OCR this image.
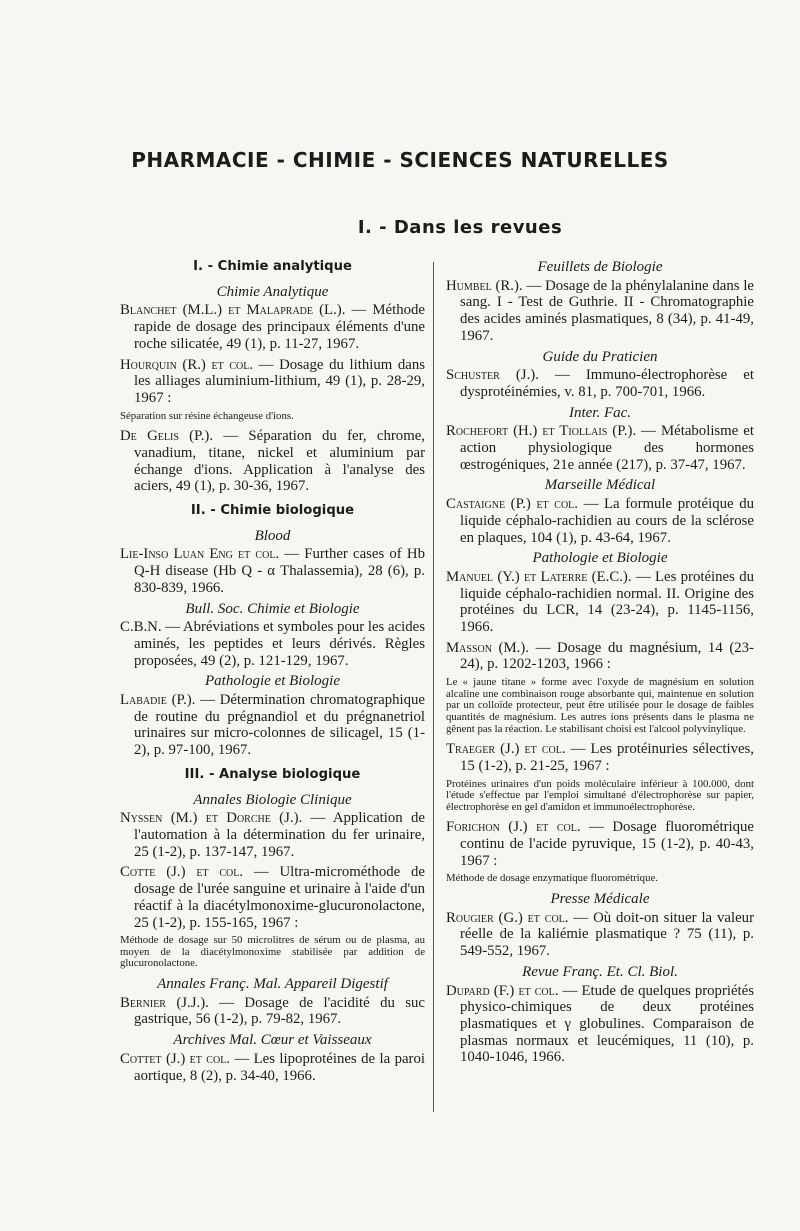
PHARMACIE - CHIMIE - SCIENCES NATURELLES
I. - Dans les revues
I. - Chimie analytique
Chimie Analytique

Blanchet (M.L.) et Malaprade (L.). — Méthode rapide de dosage des principaux éléments d'une roche silicatée, 49 (1), p. 11-27, 1967.

Hourquin (R.) et col. — Dosage du lithium dans les alliages aluminium-lithium, 49 (1), p. 28-29, 1967 :

Séparation sur résine échangeuse d'ions.

De Gelis (P.). — Séparation du fer, chrome, vanadium, titane, nickel et aluminium par échange d'ions. Application à l'analyse des aciers, 49 (1), p. 30-36, 1967.

II. - Chimie biologique
Blood

Lie-Inso Luan Eng et col. — Further cases of Hb Q-H disease (Hb Q - α Thalassemia), 28 (6), p. 830-839, 1966.

Bull. Soc. Chimie et Biologie

C.B.N. — Abréviations et symboles pour les acides aminés, les peptides et leurs dérivés. Règles proposées, 49 (2), p. 121-129, 1967.

Pathologie et Biologie

Labadie (P.). — Détermination chromatographique de routine du prégnandiol et du prégnanetriol urinaires sur micro-colonnes de silicagel, 15 (1-2), p. 97-100, 1967.

III. - Analyse biologique
Annales Biologie Clinique

Nyssen (M.) et Dorche (J.). — Application de l'automation à la détermination du fer urinaire, 25 (1-2), p. 137-147, 1967.

Cotte (J.) et col. — Ultra-microméthode de dosage de l'urée sanguine et urinaire à l'aide d'un réactif à la diacétylmonoxime-glucuronolactone, 25 (1-2), p. 155-165, 1967 :

Méthode de dosage sur 50 microlitres de sérum ou de plasma, au moyen de la diacétylmonoxime stabilisée par addition de glucuronolactone.

Annales Franç. Mal. Appareil Digestif

Bernier (J.J.). — Dosage de l'acidité du suc gastrique, 56 (1-2), p. 79-82, 1967.

Archives Mal. Cœur et Vaisseaux

Cottet (J.) et col. — Les lipoprotéines de la paroi aortique, 8 (2), p. 34-40, 1966.

Feuillets de Biologie

Humbel (R.). — Dosage de la phénylalanine dans le sang. I - Test de Guthrie. II - Chromatographie des acides aminés plasmatiques, 8 (34), p. 41-49, 1967.

Guide du Praticien

Schuster (J.). — Immuno-électrophorèse et dysprotéinémies, v. 81, p. 700-701, 1966.

Inter. Fac.

Rochefort (H.) et Tiollais (P.). — Métabolisme et action physiologique des hormones œstrogéniques, 21e année (217), p. 37-47, 1967.

Marseille Médical

Castaigne (P.) et col. — La formule protéique du liquide céphalo-rachidien au cours de la sclérose en plaques, 104 (1), p. 43-64, 1967.

Pathologie et Biologie

Manuel (Y.) et Laterre (E.C.). — Les protéines du liquide céphalo-rachidien normal. II. Origine des protéines du LCR, 14 (23-24), p. 1145-1156, 1966.

Masson (M.). — Dosage du magnésium, 14 (23-24), p. 1202-1203, 1966 :

Le « jaune titane » forme avec l'oxyde de magnésium en solution alcaline une combinaison rouge absorbante qui, maintenue en solution par un colloïde protecteur, peut être utilisée pour le dosage de faibles quantités de magnésium. Les autres ions présents dans le plasma ne gênent pas la réaction. Le stabilisant choisi est l'alcool polyvinylique.

Traeger (J.) et col. — Les protéinuries sélectives, 15 (1-2), p. 21-25, 1967 :

Protéines urinaires d'un poids moléculaire inférieur à 100.000, dont l'étude s'effectue par l'emploi simultané d'électrophorèse sur papier, électrophorèse en gel d'amidon et immunoélectrophorèse.

Forichon (J.) et col. — Dosage fluorométrique continu de l'acide pyruvique, 15 (1-2), p. 40-43, 1967 :

Méthode de dosage enzymatique fluorométrique.

Presse Médicale

Rougier (G.) et col. — Où doit-on situer la valeur réelle de la kaliémie plasmatique ? 75 (11), p. 549-552, 1967.

Revue Franç. Et. Cl. Biol.

Dupard (F.) et col. — Etude de quelques propriétés physico-chimiques de deux protéines plasmatiques et γ globulines. Comparaison de plasmas normaux et leucémiques, 11 (10), p. 1040-1046, 1966.
